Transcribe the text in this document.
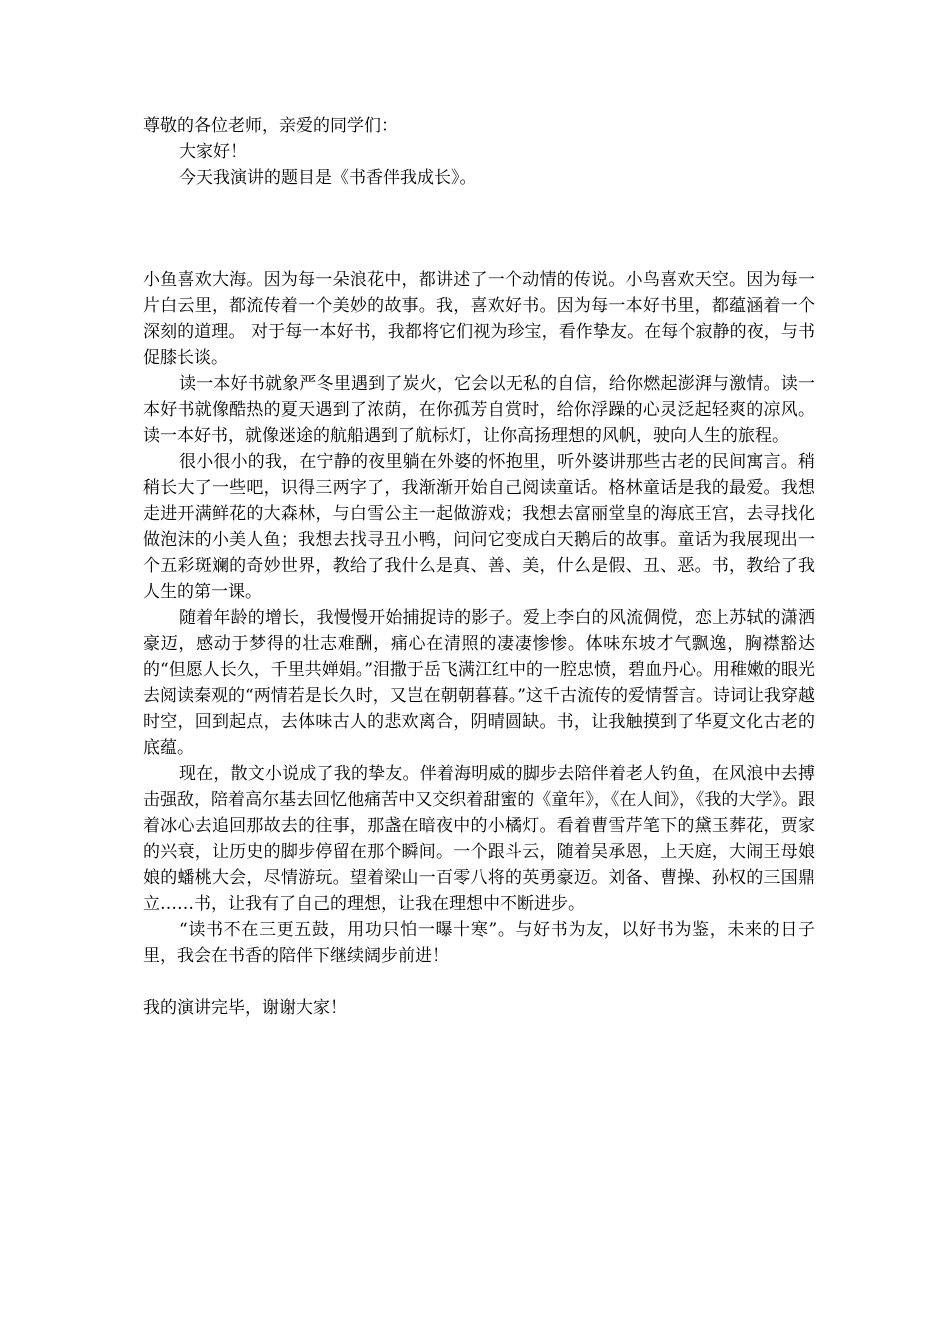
尊敬的各位老师，亲爱的同学们：

大家好！

今天我演讲的题目是《书香伴我成长》。

小鱼喜欢大海。因为每一朵浪花中，都讲述了一个动情的传说。小鸟喜欢天空。因为每一片白云里，都流传着一个美妙的故事。我，喜欢好书。因为每一本好书里，都蕴涵着一个深刻的道理。 对于每一本好书，我都将它们视为珍宝，看作挚友。在每个寂静的夜，与书促膝长谈。

读一本好书就象严冬里遇到了炭火，它会以无私的自信，给你燃起澎湃与激情。读一本好书就像酷热的夏天遇到了浓荫，在你孤芳自赏时，给你浮躁的心灵泛起轻爽的凉风。读一本好书，就像迷途的航船遇到了航标灯，让你高扬理想的风帆，驶向人生的旅程。

很小很小的我，在宁静的夜里躺在外婆的怀抱里，听外婆讲那些古老的民间寓言。稍稍长大了一些吧，识得三两字了，我渐渐开始自己阅读童话。格林童话是我的最爱。我想走进开满鲜花的大森林，与白雪公主一起做游戏；我想去富丽堂皇的海底王宫，去寻找化做泡沫的小美人鱼；我想去找寻丑小鸭，问问它变成白天鹅后的故事。童话为我展现出一个五彩斑斓的奇妙世界，教给了我什么是真、善、美，什么是假、丑、恶。书，教给了我人生的第一课。

随着年龄的增长，我慢慢开始捕捉诗的影子。爱上李白的风流倜傥，恋上苏轼的潇洒豪迈，感动于梦得的壮志难酬，痛心在清照的凄凄惨惨。体味东坡才气飘逸，胸襟豁达的“但愿人长久，千里共婵娟。”泪撒于岳飞满江红中的一腔忠愤，碧血丹心。用稚嫩的眼光去阅读秦观的“两情若是长久时，又岂在朝朝暮暮。”这千古流传的爱情誓言。诗词让我穿越时空，回到起点，去体味古人的悲欢离合，阴晴圆缺。书，让我触摸到了华夏文化古老的底蕴。

现在，散文小说成了我的挚友。伴着海明威的脚步去陪伴着老人钓鱼，在风浪中去搏击强敌，陪着高尔基去回忆他痛苦中又交织着甜蜜的《童年》，《在人间》，《我的大学》。跟着冰心去追回那故去的往事，那盏在暗夜中的小橘灯。看着曹雪芹笔下的黛玉葬花，贾家的兴衰，让历史的脚步停留在那个瞬间。一个跟斗云，随着吴承恩，上天庭，大闹王母娘娘的蟠桃大会，尽情游玩。望着梁山一百零八将的英勇豪迈。刘备、曹操、孙权的三国鼎立……书，让我有了自己的理想，让我在理想中不断进步。

“读书不在三更五鼓，用功只怕一曝十寒”。与好书为友，以好书为鉴，未来的日子里，我会在书香的陪伴下继续阔步前进！

我的演讲完毕，谢谢大家！
